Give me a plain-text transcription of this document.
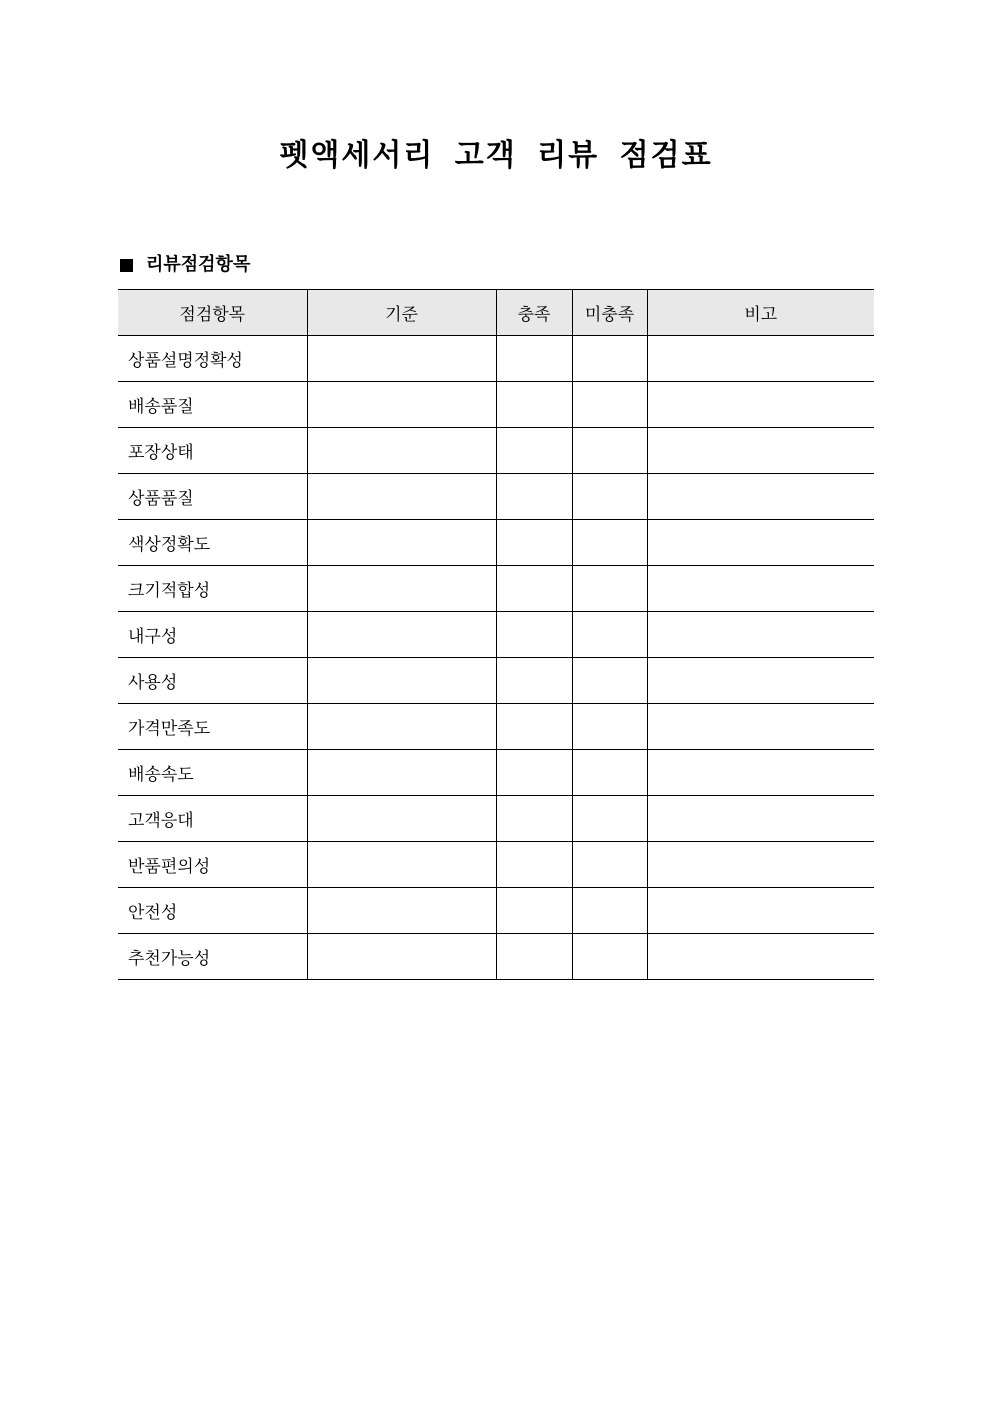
펫액세서리 고객 리뷰 점검표
리뷰점검항목
점검항목	기준	충족	미충족	비고
상품설명정확성				
배송품질				
포장상태				
상품품질				
색상정확도				
크기적합성				
내구성				
사용성				
가격만족도				
배송속도				
고객응대				
반품편의성				
안전성				
추천가능성				
